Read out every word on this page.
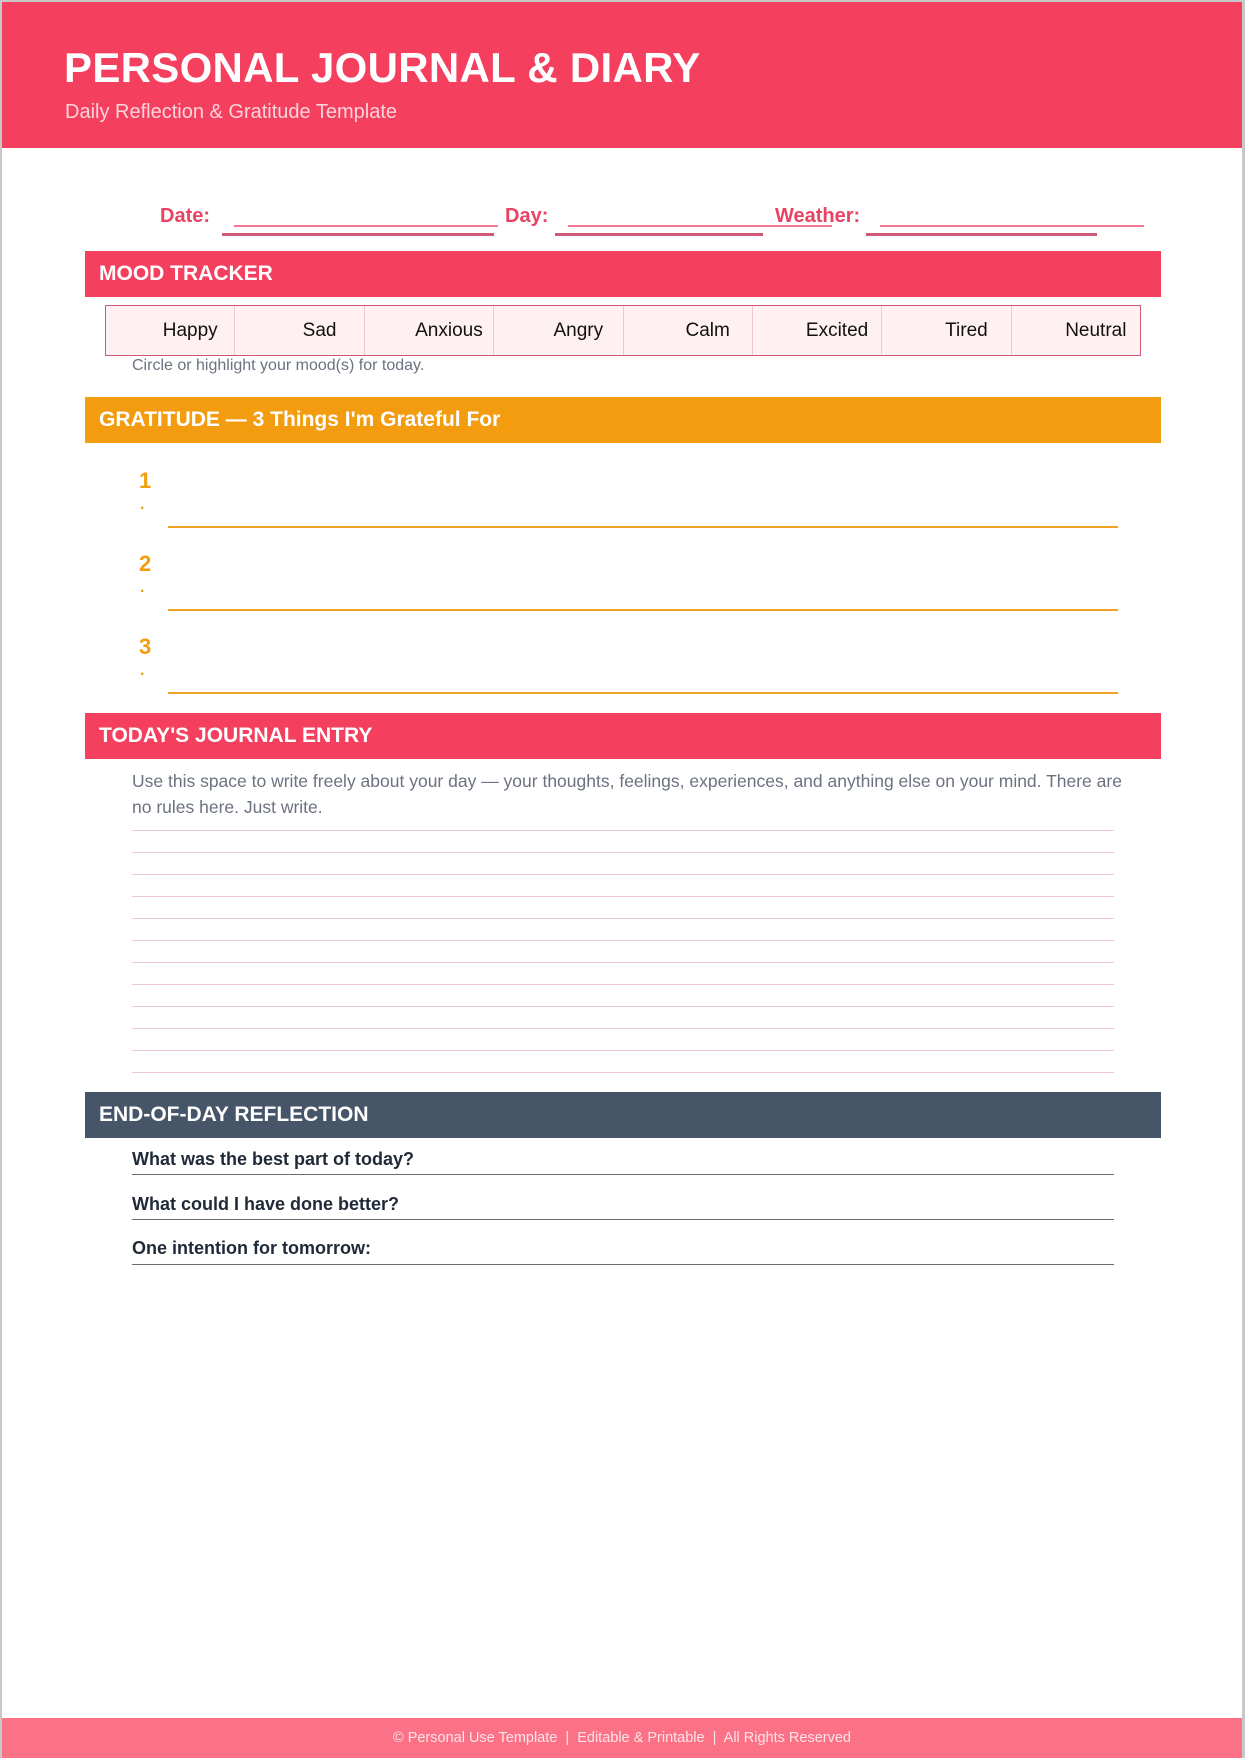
PERSONAL JOURNAL & DIARY
Daily Reflection & Gratitude Template
Date:	Day:	Weather:
MOOD TRACKER
Happy	Sad	Anxious	Angry	Calm	Excited	Tired	Neutral
Circle or highlight your mood(s) for today.
GRATITUDE — 3 Things I'm Grateful For
1
.
2
.
3
.
TODAY'S JOURNAL ENTRY
Use this space to write freely about your day — your thoughts, feelings, experiences, and anything else on your mind. There are no rules here. Just write.
END-OF-DAY REFLECTION
What was the best part of today?
What could I have done better?
One intention for tomorrow:
© Personal Use Template  |  Editable & Printable  |  All Rights Reserved
